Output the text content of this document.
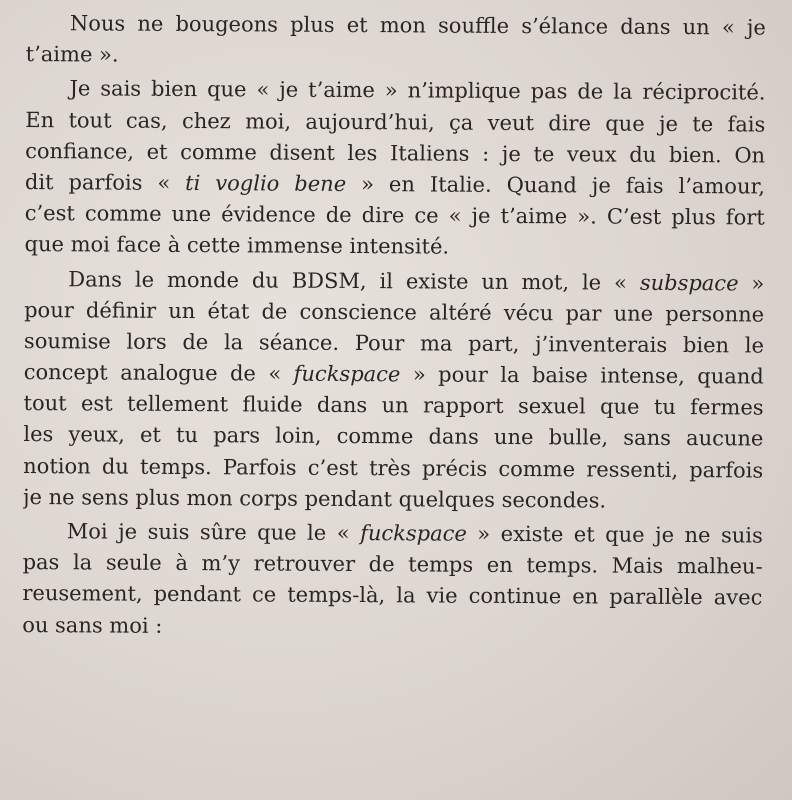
Nous ne bougeons plus et mon souffle s’élance dans un « je
t’aime ».
Je sais bien que « je t’aime » n’implique pas de la réciprocité.
En tout cas, chez moi, aujourd’hui, ça veut dire que je te fais
confiance, et comme disent les Italiens : je te veux du bien. On
dit parfois « ti voglio bene » en Italie. Quand je fais l’amour,
c’est comme une évidence de dire ce « je t’aime ». C’est plus fort
que moi face à cette immense intensité.
Dans le monde du BDSM, il existe un mot, le « subspace »
pour définir un état de conscience altéré vécu par une personne
soumise lors de la séance. Pour ma part, j’inventerais bien le
concept analogue de « fuckspace » pour la baise intense, quand
tout est tellement fluide dans un rapport sexuel que tu fermes
les yeux, et tu pars loin, comme dans une bulle, sans aucune
notion du temps. Parfois c’est très précis comme ressenti, parfois
je ne sens plus mon corps pendant quelques secondes.
Moi je suis sûre que le « fuckspace » existe et que je ne suis
pas la seule à m’y retrouver de temps en temps. Mais malheu-
reusement, pendant ce temps-là, la vie continue en parallèle avec
ou sans moi :
